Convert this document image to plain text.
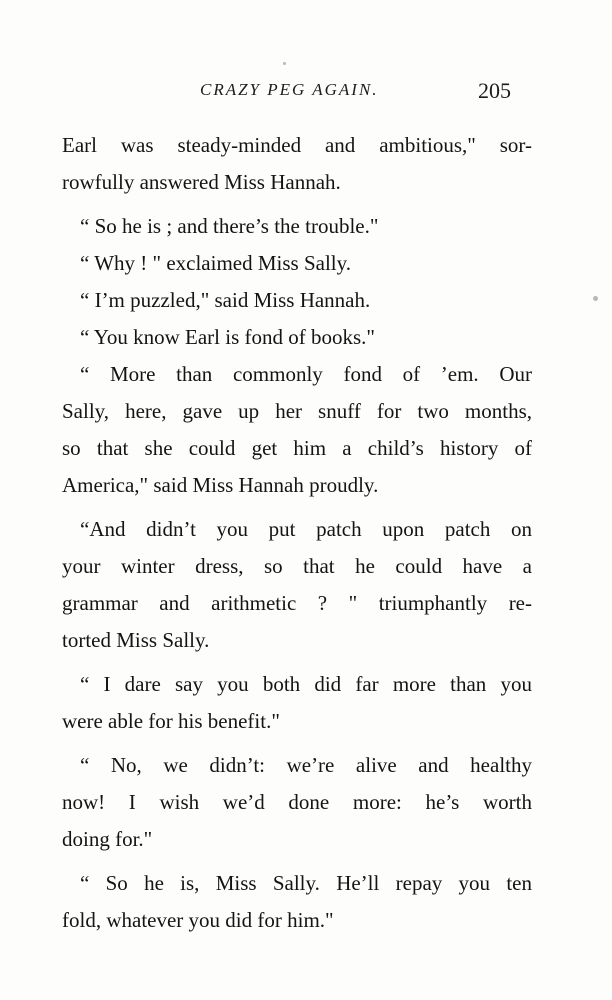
CRAZY PEG AGAIN.	205
Earl was steady-minded and ambitious," sor-
rowfully answered Miss Hannah.
“ So he is ; and there’s the trouble."
“ Why ! " exclaimed Miss Sally.
“ I’m puzzled," said Miss Hannah.
“ You know Earl is fond of books."
“ More than commonly fond of ’em. Our
Sally, here, gave up her snuff for two months,
so that she could get him a child’s history of
America," said Miss Hannah proudly.
“And didn’t you put patch upon patch on
your winter dress, so that he could have a
grammar and arithmetic ? " triumphantly re-
torted Miss Sally.
“ I dare say you both did far more than you
were able for his benefit."
“ No, we didn’t: we’re alive and healthy
now! I wish we’d done more: he’s worth
doing for."
“ So he is, Miss Sally. He’ll repay you ten
fold, whatever you did for him."
